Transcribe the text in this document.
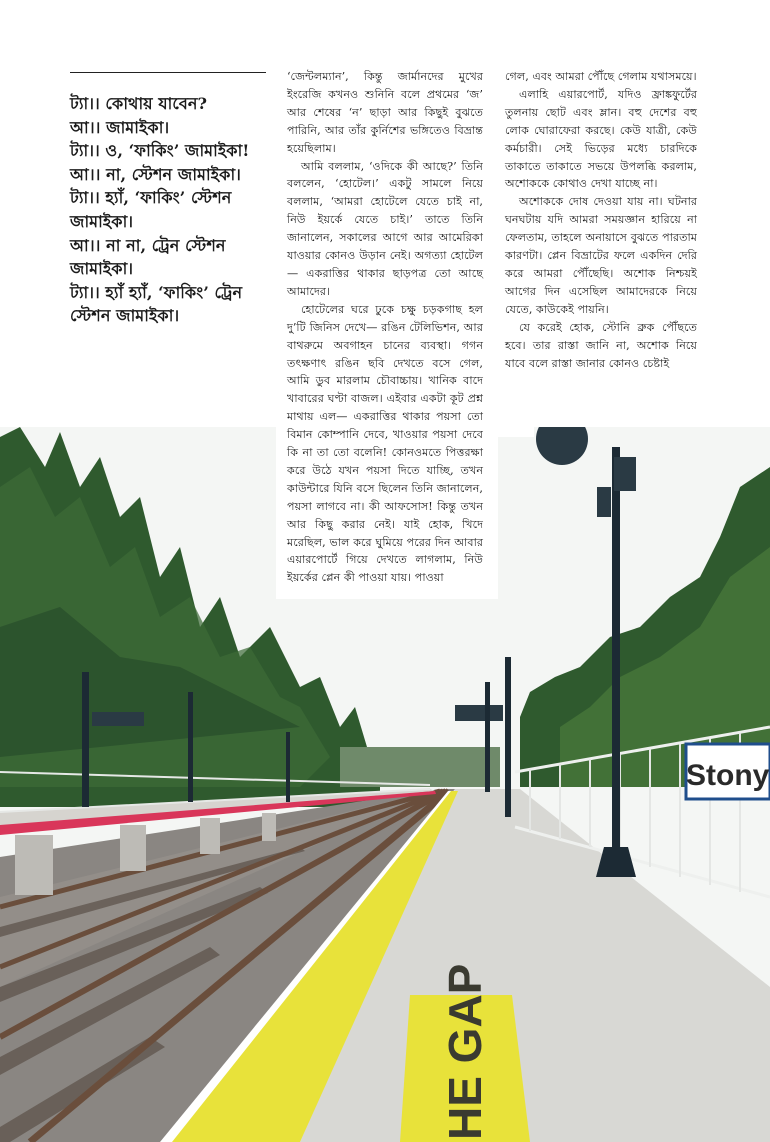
ট্যা।। কোথায় যাবেন?

আ।। জামাইকা।

ট্যা।। ও, ‘ফাকিং’ জামাইকা!

আ।। না, স্টেশন জামাইকা।

ট্যা।। হ্যাঁ, ‘ফাকিং’ স্টেশন জামাইকা।

আ।। না না, ট্রেন স্টেশন জামাইকা।

ট্যা।। হ্যাঁ হ্যাঁ, ‘ফাকিং’ ট্রেন স্টেশন জামাইকা।

‘জেন্টলম্যান’, কিন্তু জার্মানদের মুখের ইংরেজি কখনও শুনিনি বলে প্রথমের ‘জ’ আর শেষের ‘ন’ ছাড়া আর কিছুই বুঝতে পারিনি, আর তাঁর কুর্নিশের ভঙ্গিতেও বিভ্রান্ত হয়েছিলাম।

আমি বললাম, ‘ওদিকে কী আছে?’ তিনি বললেন, ‘হোটেল।’ একটু সামলে নিয়ে বললাম, ‘আমরা হোটেলে যেতে চাই না, নিউ ইয়র্কে যেতে চাই।’ তাতে তিনি জানালেন, সকালের আগে আর আমেরিকা যাওয়ার কোনও উড়ান নেই। অগত্যা হোটেল— একরাত্তির থাকার ছাড়পত্র তো আছে আমাদের।

হোটেলের ঘরে ঢুকে চক্ষু চড়কগাছ হল দু’টি জিনিস দেখে— রঙিন টেলিভিশন, আর বাথরুমে অবগাহন চানের ব্যবস্থা। গগন তৎক্ষণাৎ রঙিন ছবি দেখতে বসে গেল, আমি ডুব মারলাম চৌবাচ্চায়। খানিক বাদে খাবারের ঘণ্টা বাজল। এইবার একটা কূট প্রশ্ন মাথায় এল— একরাত্তির থাকার পয়সা তো বিমান কোম্পানি দেবে, খাওয়ার পয়সা দেবে কি না তা তো বলেনি! কোনওমতে পিত্তরক্ষা করে উঠে যখন পয়সা দিতে যাচ্ছি, তখন কাউন্টারে যিনি বসে ছিলেন তিনি জানালেন, পয়সা লাগবে না। কী আফসোস! কিন্তু তখন আর কিছু করার নেই। যাই হোক, খিদে মরেছিল, ভাল করে ঘুমিয়ে পরের দিন আবার এয়ারপোর্টে গিয়ে দেখতে লাগলাম, নিউ ইয়র্কের প্লেন কী পাওয়া যায়। পাওয়া

গেল, এবং আমরা পৌঁছে গেলাম যথাসময়ে।

এলাহি এয়ারপোর্ট, যদিও ফ্রাঙ্কফুর্টের তুলনায় ছোট এবং ম্লান। বহু দেশের বহু লোক ঘোরাফেরা করছে। কেউ যাত্রী, কেউ কর্মচারী। সেই ভিড়ের মধ্যে চারদিকে তাকাতে তাকাতে সভয়ে উপলব্ধি করলাম, অশোককে কোথাও দেখা যাচ্ছে না।

অশোককে দোষ দেওয়া যায় না। ঘটনার ঘনঘটায় যদি আমরা সময়জ্ঞান হারিয়ে না ফেলতাম, তাহলে অনায়াসে বুঝতে পারতাম কারণটা। প্লেন বিভ্রাটের ফলে একদিন দেরি করে আমরা পৌঁছেছি। অশোক নিশ্চয়ই আগের দিন এসেছিল আমাদেরকে নিয়ে যেতে, কাউকেই পায়নি।

যে করেই হোক, স্টোনি ব্রুক পৌঁছতে হবে। তার রাস্তা জানি না, অশোক নিয়ে যাবে বলে রাস্তা জানার কোনও চেষ্টাই

Stony
HE GAP
